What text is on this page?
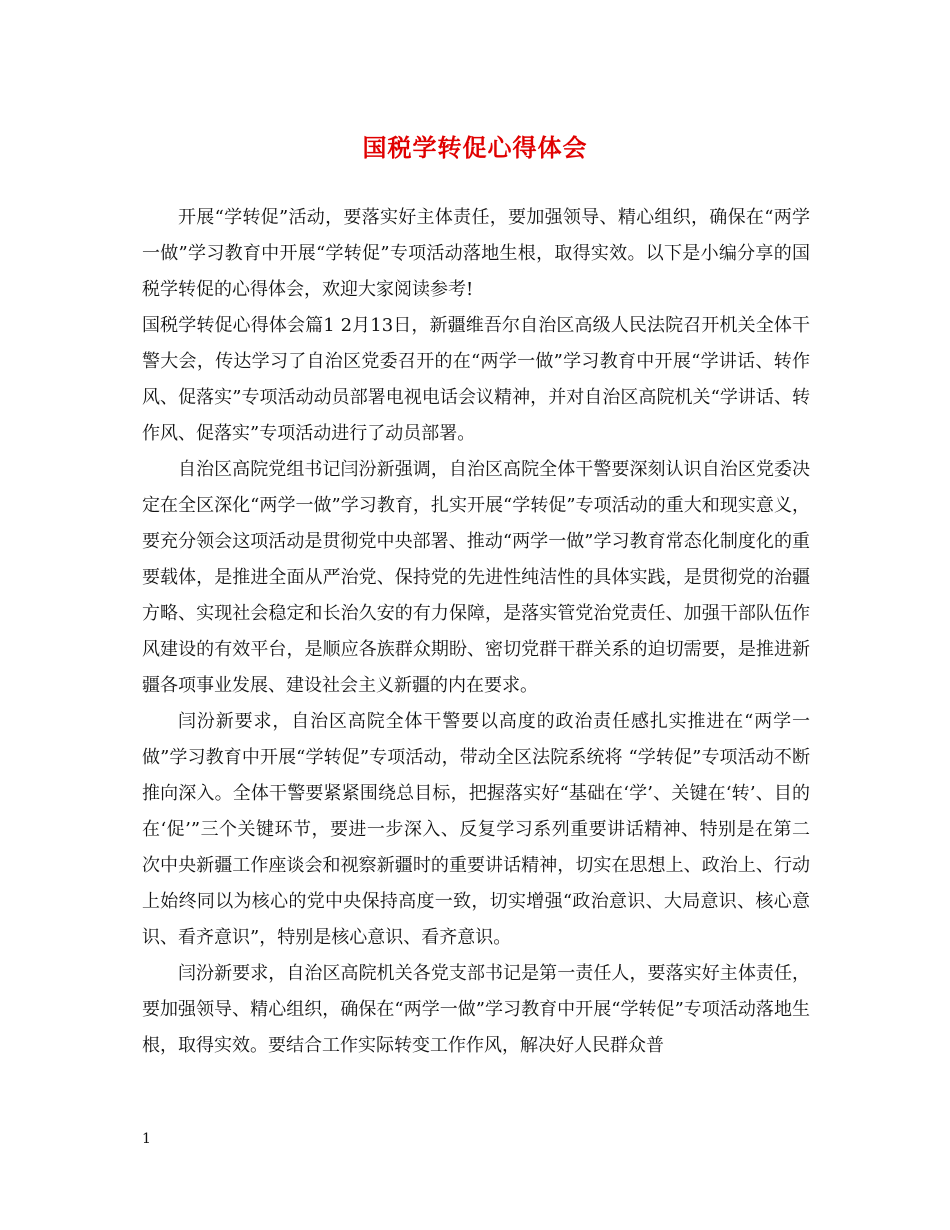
国税学转促心得体会

开展“学转促”活动，要落实好主体责任，要加强领导、精心组织，确保在“两学一做”学习教育中开展“学转促”专项活动落地生根，取得实效。以下是小编分享的国税学转促的心得体会，欢迎大家阅读参考!

国税学转促心得体会篇1 2月13日，新疆维吾尔自治区高级人民法院召开机关全体干警大会，传达学习了自治区党委召开的在“两学一做”学习教育中开展“学讲话、转作风、促落实”专项活动动员部署电视电话会议精神，并对自治区高院机关“学讲话、转作风、促落实”专项活动进行了动员部署。

自治区高院党组书记闫汾新强调，自治区高院全体干警要深刻认识自治区党委决定在全区深化“两学一做”学习教育，扎实开展“学转促”专项活动的重大和现实意义，要充分领会这项活动是贯彻党中央部署、推动“两学一做”学习教育常态化制度化的重要载体，是推进全面从严治党、保持党的先进性纯洁性的具体实践，是贯彻党的治疆方略、实现社会稳定和长治久安的有力保障，是落实管党治党责任、加强干部队伍作风建设的有效平台，是顺应各族群众期盼、密切党群干群关系的迫切需要，是推进新疆各项事业发展、建设社会主义新疆的内在要求。

闫汾新要求，自治区高院全体干警要以高度的政治责任感扎实推进在“两学一做”学习教育中开展“学转促”专项活动，带动全区法院系统将 “学转促”专项活动不断推向深入。全体干警要紧紧围绕总目标，把握落实好“基础在‘学’、关键在‘转’、目的在‘促’”三个关键环节，要进一步深入、反复学习系列重要讲话精神、特别是在第二次中央新疆工作座谈会和视察新疆时的重要讲话精神，切实在思想上、政治上、行动上始终同以为核心的党中央保持高度一致，切实增强“政治意识、大局意识、核心意识、看齐意识”，特别是核心意识、看齐意识。

闫汾新要求，自治区高院机关各党支部书记是第一责任人，要落实好主体责任，要加强领导、精心组织，确保在“两学一做”学习教育中开展“学转促”专项活动落地生根，取得实效。要结合工作实际转变工作作风，解决好人民群众普

1
